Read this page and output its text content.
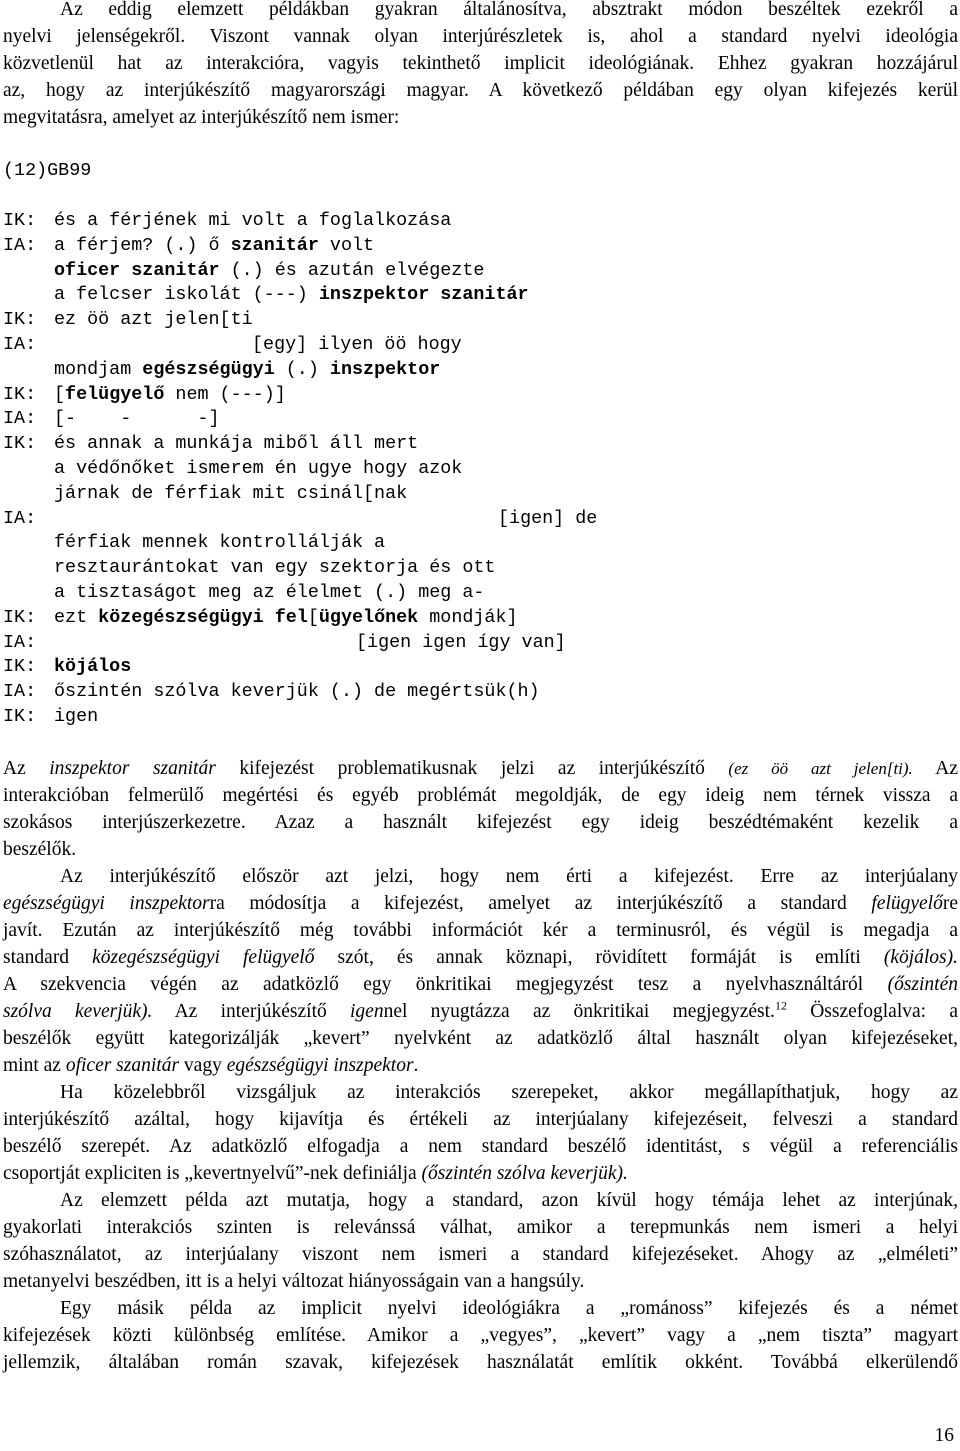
Az eddig elemzett példákban gyakran általánosítva, absztrakt módon beszéltek ezekről a
nyelvi jelenségekről. Viszont vannak olyan interjúrészletek is, ahol a standard nyelvi ideológia
közvetlenül hat az interakcióra, vagyis tekinthető implicit ideológiának. Ehhez gyakran hozzájárul
az, hogy az interjúkészítő magyarországi magyar. A következő példában egy olyan kifejezés kerül
megvitatásra, amelyet az interjúkészítő nem ismer:
(12)GB99
IK: és a férjének mi volt a foglalkozása
IA: a férjem? (.) ő szanitár volt
oficer szanitár (.) és azután elvégezte
a felcser iskolát (---) inszpektor szanitár
IK: ez öö azt jelen[ti
IA:	[egy] ilyen öö hogy
mondjam egészségügyi (.) inszpektor
IK: [felügyelő nem (---)]
IA: [-    -      -]
IK: és annak a munkája miből áll mert
a védőnőket ismerem én ugye hogy azok
járnak de férfiak mit csinál[nak
IA:	[igen] de
férfiak mennek kontrollálják a
resztaurántokat van egy szektorja és ott
a tisztaságot meg az élelmet (.) meg a-
IK: ezt közegészségügyi fel[ügyelőnek mondják]
IA:	[igen igen így van]
IK: köjálos
IA: őszintén szólva keverjük (.) de megértsük(h)
IK: igen
Az inszpektor szanitár kifejezést problematikusnak jelzi az interjúkészítő (ez öö azt jelen[ti). Az
interakcióban felmerülő megértési és egyéb problémát megoldják, de egy ideig nem térnek vissza a
szokásos interjúszerkezetre. Azaz a használt kifejezést egy ideig beszédtémaként kezelik a
beszélők.
Az interjúkészítő először azt jelzi, hogy nem érti a kifejezést. Erre az interjúalany
egészségügyi inszpektorra módosítja a kifejezést, amelyet az interjúkészítő a standard felügyelőre
javít. Ezután az interjúkészítő még további információt kér a terminusról, és végül is megadja a
standard közegészségügyi felügyelő szót, és annak köznapi, rövidített formáját is említi (köjálos).
A szekvencia végén az adatközlő egy önkritikai megjegyzést tesz a nyelvhasználtáról (őszintén
szólva keverjük). Az interjúkészítő igennel nyugtázza az önkritikai megjegyzést.$^{12}$ Összefoglalva: a
beszélők együtt kategorizálják „kevert” nyelvként az adatközlő által használt olyan kifejezéseket,
mint az oficer szanitár vagy egészségügyi inszpektor.
Ha közelebbről vizsgáljuk az interakciós szerepeket, akkor megállapíthatjuk, hogy az
interjúkészítő azáltal, hogy kijavítja és értékeli az interjúalany kifejezéseit, felveszi a standard
beszélő szerepét. Az adatközlő elfogadja a nem standard beszélő identitást, s végül a referenciális
csoportját expliciten is „kevertnyelvű”-nek definiálja (őszintén szólva keverjük).
Az elemzett példa azt mutatja, hogy a standard, azon kívül hogy témája lehet az interjúnak,
gyakorlati interakciós szinten is relevánssá válhat, amikor a terepmunkás nem ismeri a helyi
szóhasználatot, az interjúalany viszont nem ismeri a standard kifejezéseket. Ahogy az „elméleti”
metanyelvi beszédben, itt is a helyi változat hiányosságain van a hangsúly.
Egy másik példa az implicit nyelvi ideológiákra a „románoss” kifejezés és a német
kifejezések közti különbség említése. Amikor a „vegyes”, „kevert” vagy a „nem tiszta” magyart
jellemzik, általában román szavak, kifejezések használatát említik okként. Továbbá elkerülendő
16
